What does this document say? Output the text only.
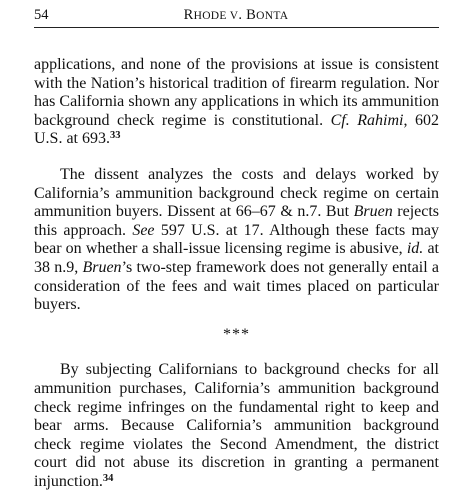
54	RHODE V. BONTA

applications, and none of the provisions at issue is consistent with the Nation’s historical tradition of firearm regulation. Nor has California shown any applications in which its ammunition background check regime is constitutional. Cf. Rahimi, 602 U.S. at 693.33

The dissent analyzes the costs and delays worked by California’s ammunition background check regime on certain ammunition buyers. Dissent at 66–67 & n.7. But Bruen rejects this approach. See 597 U.S. at 17. Although these facts may bear on whether a shall-issue licensing regime is abusive, id. at 38 n.9, Bruen’s two-step framework does not generally entail a consideration of the fees and wait times placed on particular buyers.

***

By subjecting Californians to background checks for all ammunition purchases, California’s ammunition background check regime infringes on the fundamental right to keep and bear arms. Because California’s ammunition background check regime violates the Second Amendment, the district court did not abuse its discretion in granting a permanent injunction.$^{34}$
